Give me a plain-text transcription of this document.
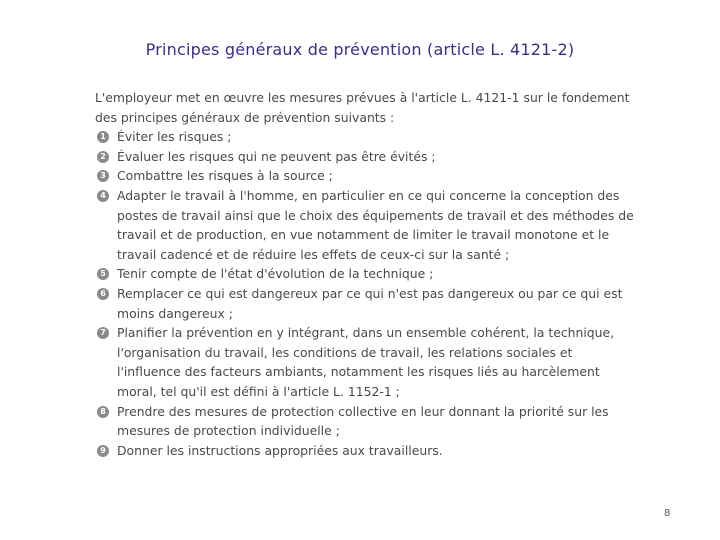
Principes généraux de prévention (article L. 4121-2)

L'employeur met en œuvre les mesures prévues à l'article L. 4121-1 sur le fondement des principes généraux de prévention suivants :

1 Éviter les risques ;
2 Évaluer les risques qui ne peuvent pas être évités ;
3 Combattre les risques à la source ;
4 Adapter le travail à l'homme, en particulier en ce qui concerne la conception des postes de travail ainsi que le choix des équipements de travail et des méthodes de travail et de production, en vue notamment de limiter le travail monotone et le travail cadencé et de réduire les effets de ceux-ci sur la santé ;
5 Tenir compte de l'état d'évolution de la technique ;
6 Remplacer ce qui est dangereux par ce qui n'est pas dangereux ou par ce qui est moins dangereux ;
7 Planifier la prévention en y intégrant, dans un ensemble cohérent, la technique, l'organisation du travail, les conditions de travail, les relations sociales et l'influence des facteurs ambiants, notamment les risques liés au harcèlement moral, tel qu'il est défini à l'article L. 1152-1 ;
8 Prendre des mesures de protection collective en leur donnant la priorité sur les mesures de protection individuelle ;
9 Donner les instructions appropriées aux travailleurs.
8
